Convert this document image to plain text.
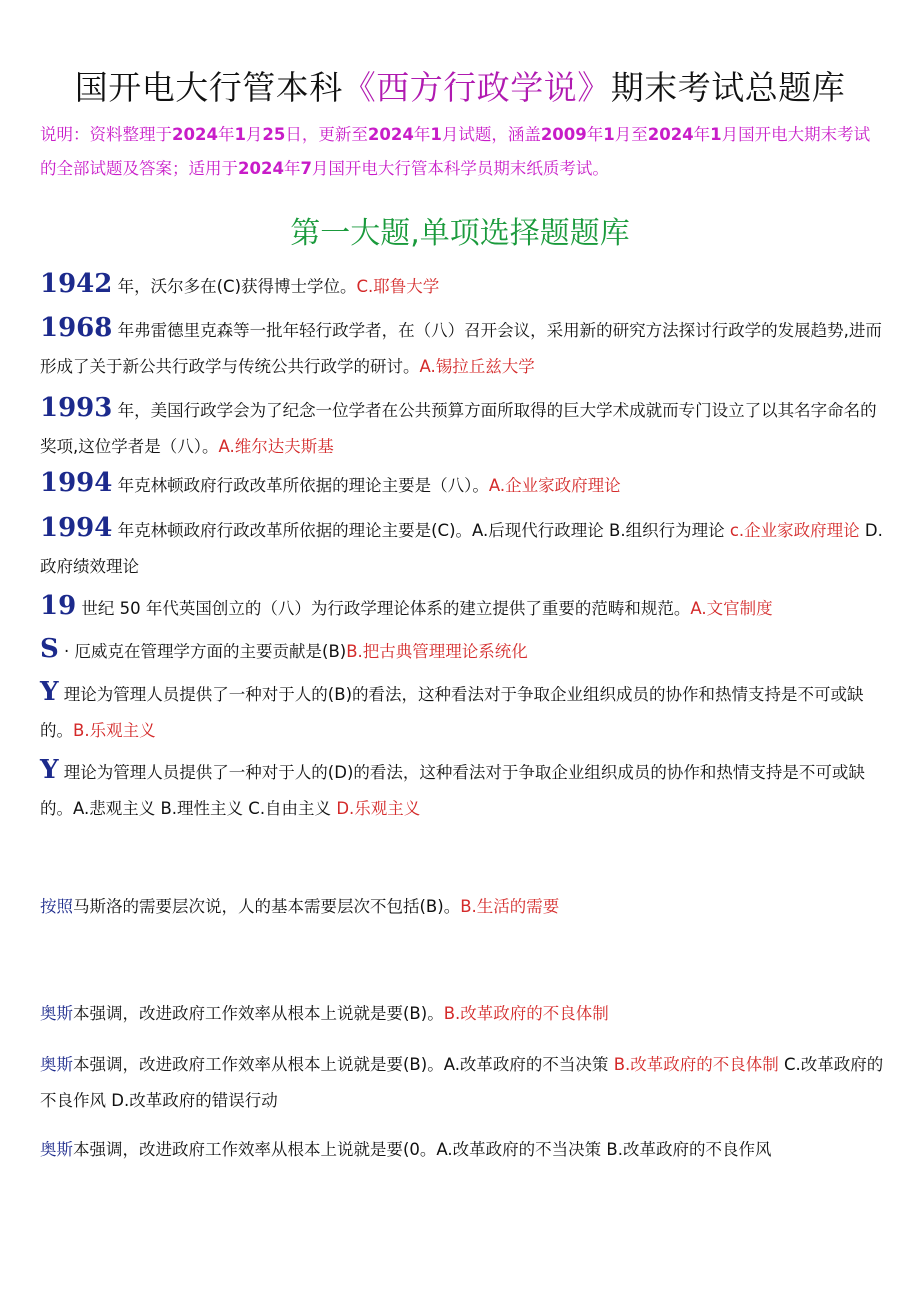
国开电大行管本科《西方行政学说》期末考试总题库
说明：资料整理于2024年1月25日，更新至2024年1月试题，涵盖2009年1月至2024年1月国开电大期末考试的全部试题及答案；适用于2024年7月国开电大行管本科学员期末纸质考试。
第一大题,单项选择题题库
1942 年，沃尔多在(C)获得博士学位。C.耶鲁大学
1968 年弗雷德里克森等一批年轻行政学者，在（八）召开会议，采用新的研究方法探讨行政学的发展趋势,进而形成了关于新公共行政学与传统公共行政学的研讨。A.锡拉丘兹大学
1993 年，美国行政学会为了纪念一位学者在公共预算方面所取得的巨大学术成就而专门设立了以其名字命名的奖项,这位学者是（八）。A.维尔达夫斯基
1994 年克林顿政府行政改革所依据的理论主要是（八）。A.企业家政府理论
1994 年克林顿政府行政改革所依据的理论主要是(C)。A.后现代行政理论 B.组织行为理论 c.企业家政府理论 D.政府绩效理论
19 世纪 50 年代英国创立的（八）为行政学理论体系的建立提供了重要的范畴和规范。A.文官制度
S · 厄威克在管理学方面的主要贡献是(B)B.把古典管理理论系统化
Y 理论为管理人员提供了一种对于人的(B)的看法，这种看法对于争取企业组织成员的协作和热情支持是不可或缺的。B.乐观主义
Y 理论为管理人员提供了一种对于人的(D)的看法，这种看法对于争取企业组织成员的协作和热情支持是不可或缺的。A.悲观主义 B.理性主义 C.自由主义 D.乐观主义
按照马斯洛的需要层次说，人的基本需要层次不包括(B)。B.生活的需要
奥斯本强调，改进政府工作效率从根本上说就是要(B)。B.改革政府的不良体制
奥斯本强调，改进政府工作效率从根本上说就是要(B)。A.改革政府的不当决策 B.改革政府的不良体制 C.改革政府的不良作风 D.改革政府的错误行动
奥斯本强调，改进政府工作效率从根本上说就是要(0。A.改革政府的不当决策 B.改革政府的不良作风
